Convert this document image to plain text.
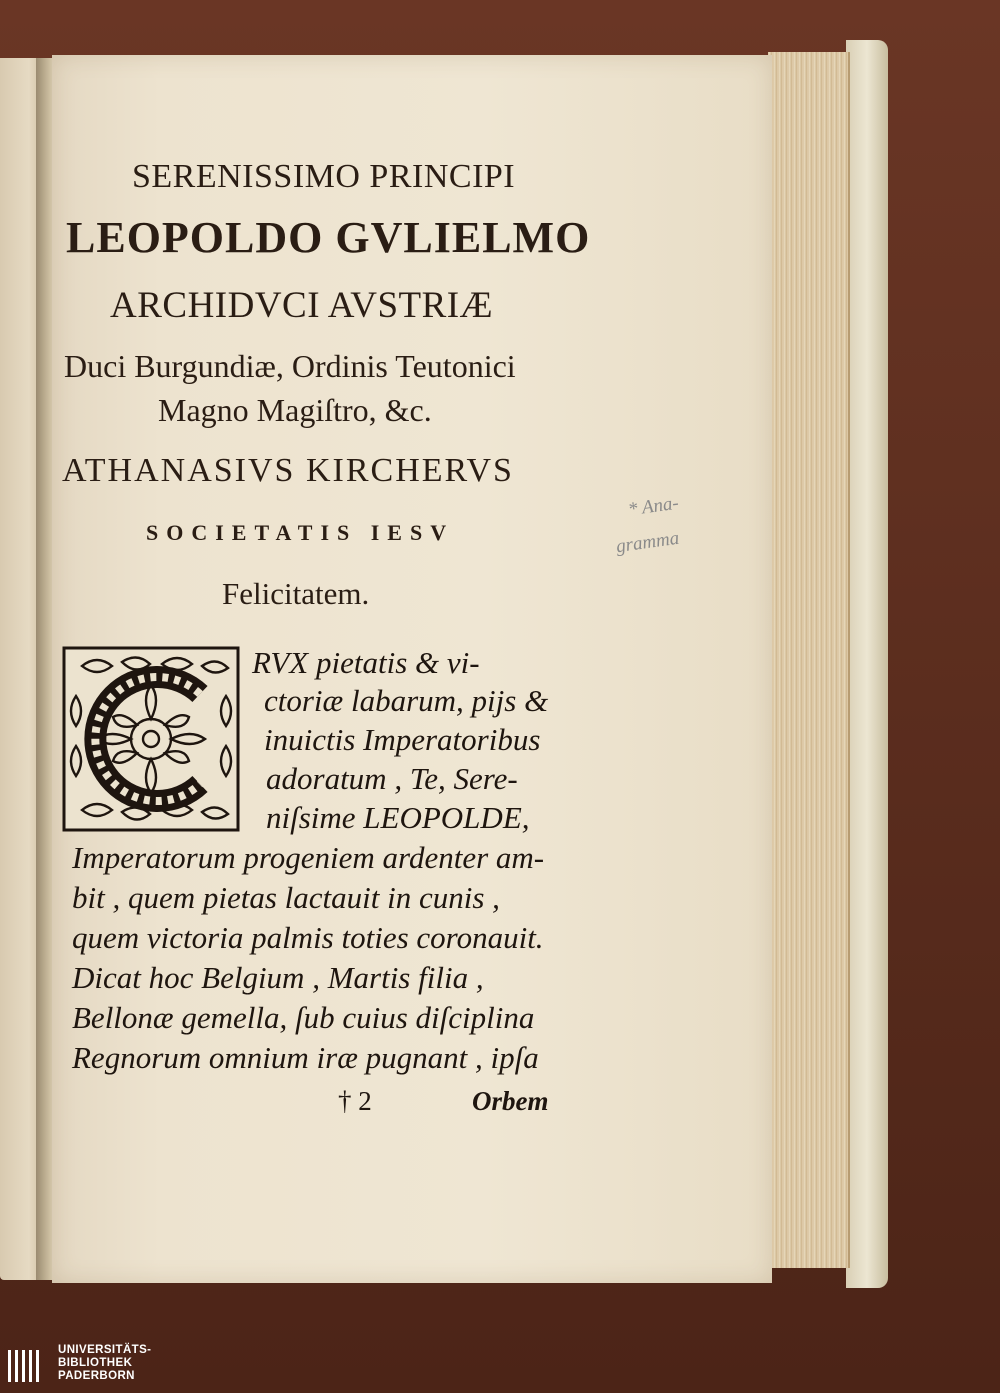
SERENISSIMO PRINCIPI
LEOPOLDO GVLIELMO
ARCHIDVCI AVSTRIÆ
Duci Burgundiæ, Ordinis Teutonici
Magno Magiſtro, &c.
ATHANASIVS KIRCHERVS
SOCIETATIS IESV
Felicitatem.
RVX pietatis & vi-
ctoriæ labarum, pijs &
inuictis Imperatoribus
adoratum , Te, Sere-
niſsime LEOPOLDE,
Imperatorum progeniem ardenter am-
bit , quem pietas lactauit in cunis ,
quem victoria palmis toties coronauit.
Dicat hoc Belgium , Martis filia ,
Bellonæ gemella, ſub cuius diſciplina
Regnorum omnium iræ pugnant , ipſa
† 2	Orbem
* Ana-
gramma
UNIVERSITÄTS-
BIBLIOTHEK
PADERBORN
